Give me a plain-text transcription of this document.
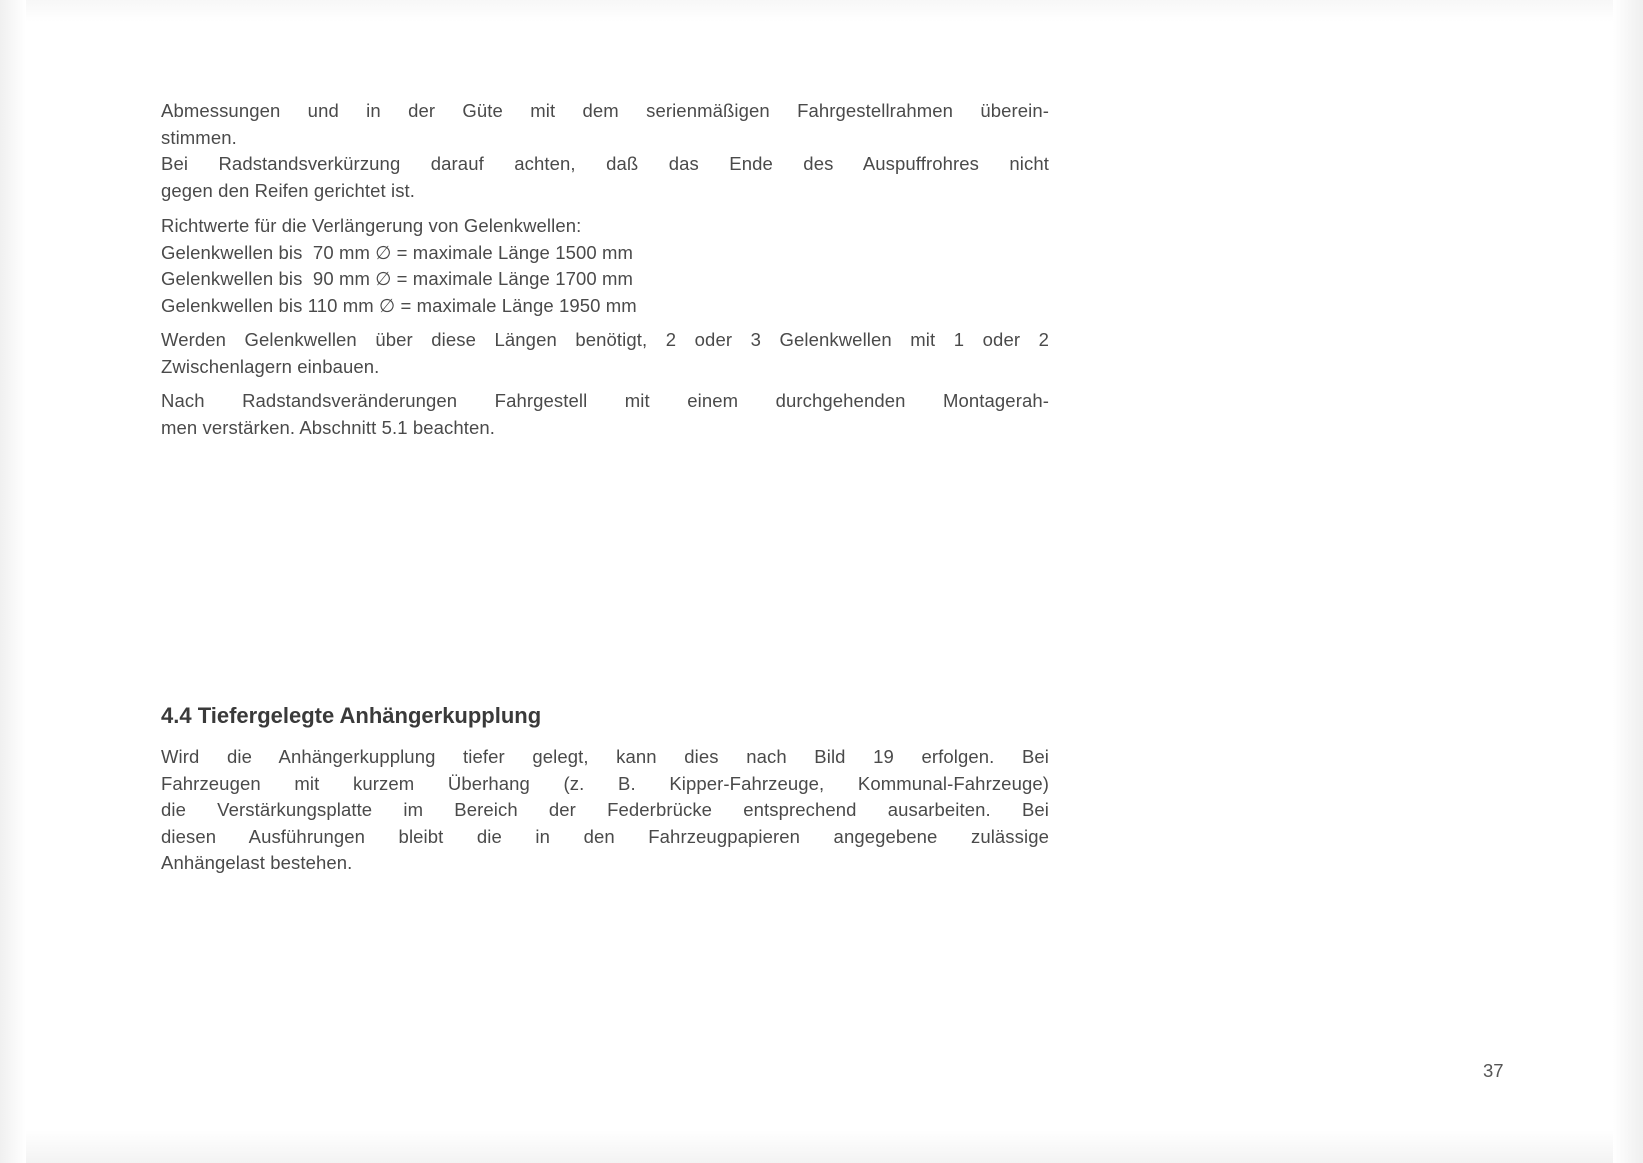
Abmessungen und in der Güte mit dem serienmäßigen Fahrgestellrahmen überein-
stimmen.

Bei Radstandsverkürzung darauf achten, daß das Ende des Auspuffrohres nicht
gegen den Reifen gerichtet ist.

Richtwerte für die Verlängerung von Gelenkwellen:

Gelenkwellen bis  70 mm ∅ = maximale Länge 1500 mm

Gelenkwellen bis  90 mm ∅ = maximale Länge 1700 mm

Gelenkwellen bis 110 mm ∅ = maximale Länge 1950 mm

Werden Gelenkwellen über diese Längen benötigt, 2 oder 3 Gelenkwellen mit 1 oder 2
Zwischenlagern einbauen.

Nach Radstandsveränderungen Fahrgestell mit einem durchgehenden Montagerah-
men verstärken. Abschnitt 5.1 beachten.

4.4 Tiefergelegte Anhängerkupplung

Wird die Anhängerkupplung tiefer gelegt, kann dies nach Bild 19 erfolgen. Bei
Fahrzeugen mit kurzem Überhang (z. B. Kipper-Fahrzeuge, Kommunal-Fahrzeuge)
die Verstärkungsplatte im Bereich der Federbrücke entsprechend ausarbeiten. Bei
diesen Ausführungen bleibt die in den Fahrzeugpapieren angegebene zulässige
Anhängelast bestehen.

37
